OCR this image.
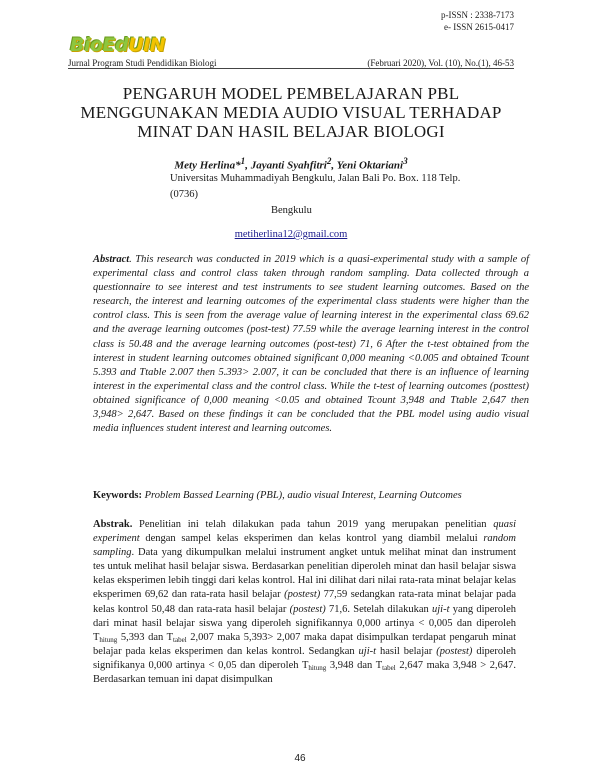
BioEdUIN
Jurnal Program Studi Pendidikan Biologi
p-ISSN : 2338-7173
e- ISSN 2615-0417
(Februari 2020), Vol. (10), No.(1), 46-53
PENGARUH MODEL PEMBELAJARAN PBL
MENGGUNAKAN MEDIA AUDIO VISUAL TERHADAP
MINAT DAN HASIL BELAJAR BIOLOGI
Mety Herlina*$^1$, Jayanti Syahfitri$^2$, Yeni Oktariani$^3$
Universitas Muhammadiyah Bengkulu, Jalan Bali Po. Box. 118 Telp. (0736)
Bengkulu
metiherlina12@gmail.com
Abstract. This research was conducted in 2019 which is a quasi-experimental study with a sample of experimental class and control class taken through random sampling. Data collected through a questionnaire to see interest and test instruments to see student learning outcomes. Based on the research, the interest and learning outcomes of the experimental class students were higher than the control class. This is seen from the average value of learning interest in the experimental class 69.62 and the average learning outcomes (post-test) 77.59 while the average learning interest in the control class is 50.48 and the average learning outcomes (post-test) 71, 6 After the t-test obtained from the interest in student learning outcomes obtained significant 0,000 meaning <0.005 and obtained Tcount 5.393 and Ttable 2.007 then 5.393> 2.007, it can be concluded that there is an influence of learning interest in the experimental class and the control class. While the t-test of learning outcomes (posttest) obtained significance of 0,000 meaning <0.05 and obtained Tcount 3,948 and Ttable 2,647 then 3,948> 2,647. Based on these findings it can be concluded that the PBL model using audio visual media influences student interest and learning outcomes.
Keywords: Problem Bassed Learning (PBL), audio visual Interest, Learning Outcomes
Abstrak. Penelitian ini telah dilakukan pada tahun 2019 yang merupakan penelitian quasi experiment dengan sampel kelas eksperimen dan kelas kontrol yang diambil melalui random sampling. Data yang dikumpulkan melalui instrument angket untuk melihat minat dan instrument tes untuk melihat hasil belajar siswa. Berdasarkan penelitian diperoleh minat dan hasil belajar siswa kelas eksperimen lebih tinggi dari kelas kontrol. Hal ini dilihat dari nilai rata-rata minat belajar kelas eksperimen 69,62 dan rata-rata hasil belajar (postest) 77,59 sedangkan rata-rata minat belajar pada kelas kontrol 50,48 dan rata-rata hasil belajar (postest) 71,6. Setelah dilakukan uji-t yang diperoleh dari minat hasil belajar siswa yang diperoleh signifikannya 0,000 artinya < 0,005 dan diperoleh $T_{hitung}$ 5,393 dan $T_{tabel}$ 2,007 maka 5,393> 2,007 maka dapat disimpulkan terdapat pengaruh minat belajar pada kelas eksperimen dan kelas kontrol. Sedangkan uji-t hasil belajar (postest) diperoleh signifikanya 0,000 artinya < 0,05 dan diperoleh $T_{hitung}$ 3,948 dan $T_{tabel}$ 2,647 maka 3,948 > 2,647. Berdasarkan temuan ini dapat disimpulkan
46
